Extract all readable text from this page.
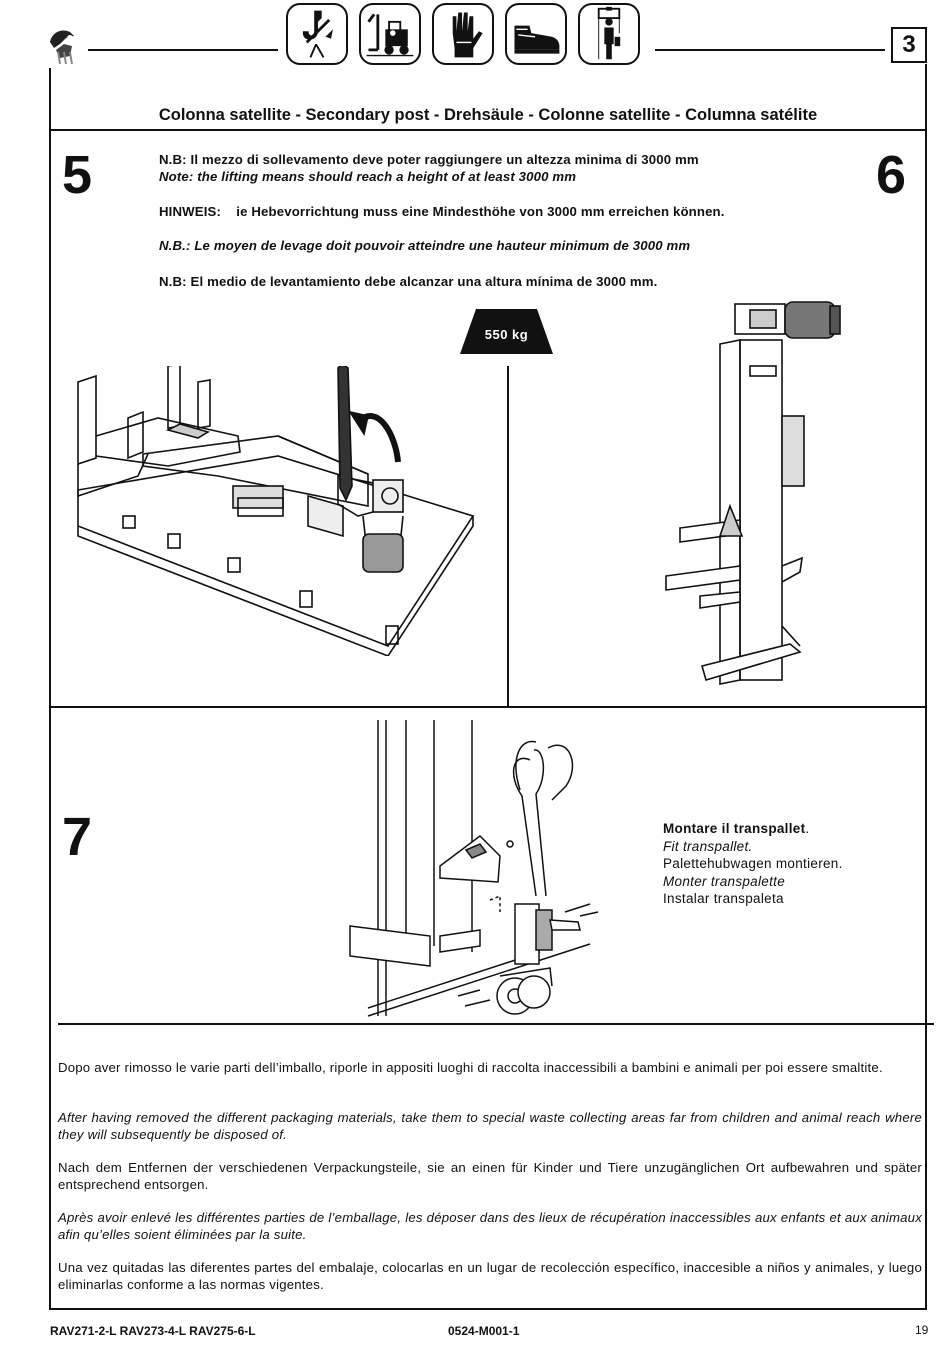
3
Colonna satellite - Secondary post - Drehsäule - Colonne satellite - Columna satélite
5	6
N.B: Il mezzo di sollevamento deve poter raggiungere un altezza minima di 3000 mm
Note: the lifting means should reach a height of at least 3000 mm
HINWEIS:    ie Hebevorrichtung muss eine Mindesthöhe von 3000 mm erreichen können.
N.B.: Le moyen de levage doit pouvoir atteindre une hauteur minimum de 3000 mm
N.B: El medio de levantamiento debe alcanzar una altura mínima de 3000 mm.
550 kg
7	Montare il transpallet.
Fit transpallet.
Palettehubwagen montieren.
Monter transpalette
Instalar transpaleta
Dopo aver rimosso le varie parti dell’imballo, riporle in appositi luoghi di raccolta inaccessibili a bambini e animali per poi essere smaltite.
After having removed the different packaging materials, take them to special waste collecting areas far from children and animal reach where they will subsequently be disposed of.
Nach dem Entfernen der verschiedenen Verpackungsteile, sie an einen für Kinder und Tiere unzugänglichen Ort aufbewahren und später entsprechend entsorgen.
Après avoir enlevé les différentes parties de l’emballage, les déposer dans des lieux de récupération inaccessibles aux enfants et aux animaux afin qu’elles soient éliminées par la suite.
Una vez quitadas las diferentes partes del embalaje, colocarlas en un lugar de recolección específico, inaccesible a niños y animales, y luego eliminarlas conforme a las normas vigentes.
RAV271-2-L RAV273-4-L RAV275-6-L	0524-M001-1	19
